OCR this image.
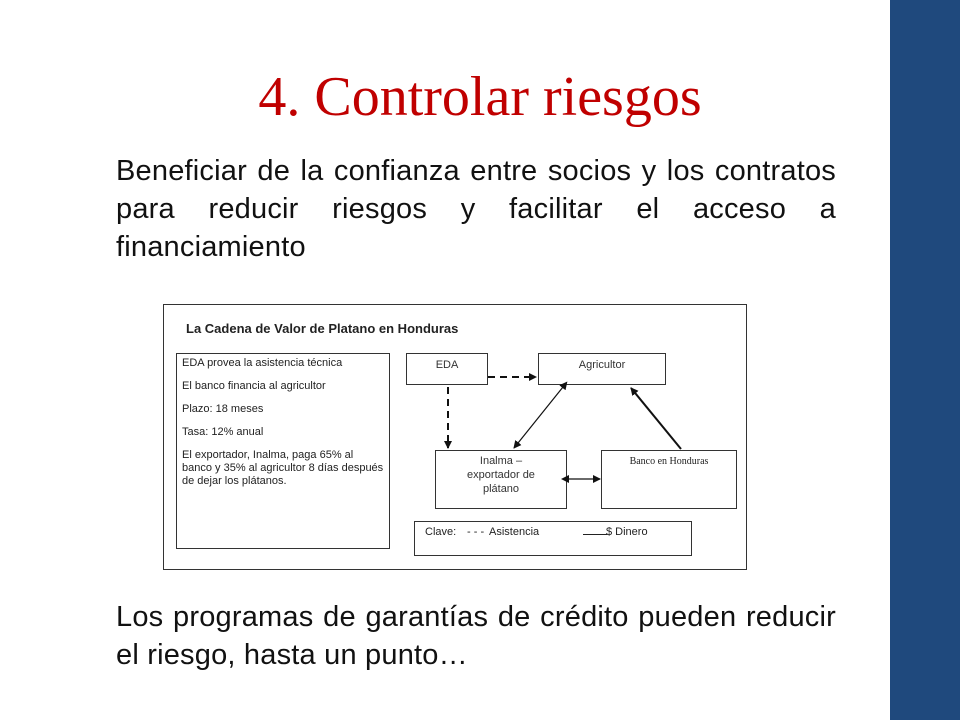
4. Controlar riesgos
Beneficiar de la confianza entre socios y los contratos para reducir riesgos y facilitar el acceso a financiamiento
La Cadena de Valor de Platano en Honduras

EDA provea la asistencia técnica

El banco financia al agricultor

Plazo: 18 meses

Tasa: 12% anual

El exportador, Inalma, paga 65% al banco y 35% al agricultor 8 días después de dejar los plátanos.

EDA	Agricultor
Inalma –
exportador de
plátano
Banco en Honduras
Clave: - - - Asistencia	$ Dinero
Los programas de garantías de crédito pueden reducir el riesgo, hasta un punto…
